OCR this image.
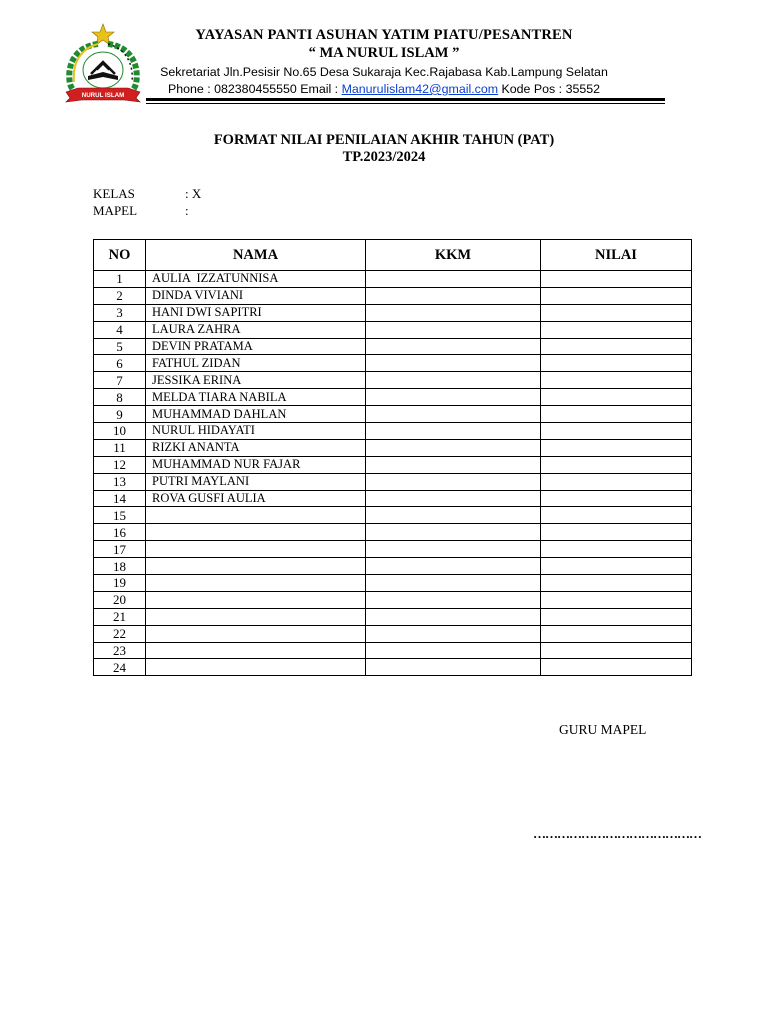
NURUL ISLAM
YAYASAN PANTI ASUHAN YATIM PIATU/PESANTREN
“ MA NURUL ISLAM ”
Sekretariat Jln.Pesisir No.65 Desa Sukaraja Kec.Rajabasa Kab.Lampung Selatan
Phone : 082380455550 Email : Manurulislam42@gmail.com Kode Pos : 35552
FORMAT NILAI PENILAIAN AKHIR TAHUN (PAT)
TP.2023/2024
KELAS	: X
MAPEL	:
NO	NAMA	KKM	NILAI
1	AULIA  IZZATUNNISA		
2	DINDA VIVIANI		
3	HANI DWI SAPITRI		
4	LAURA ZAHRA		
5	DEVIN PRATAMA		
6	FATHUL ZIDAN		
7	JESSIKA ERINA		
8	MELDA TIARA NABILA		
9	MUHAMMAD DAHLAN		
10	NURUL HIDAYATI		
11	RIZKI ANANTA		
12	MUHAMMAD NUR FAJAR		
13	PUTRI MAYLANI		
14	ROVA GUSFI AULIA		
15			
16			
17			
18			
19			
20			
21			
22			
23			
24			
GURU MAPEL
……………………………………
